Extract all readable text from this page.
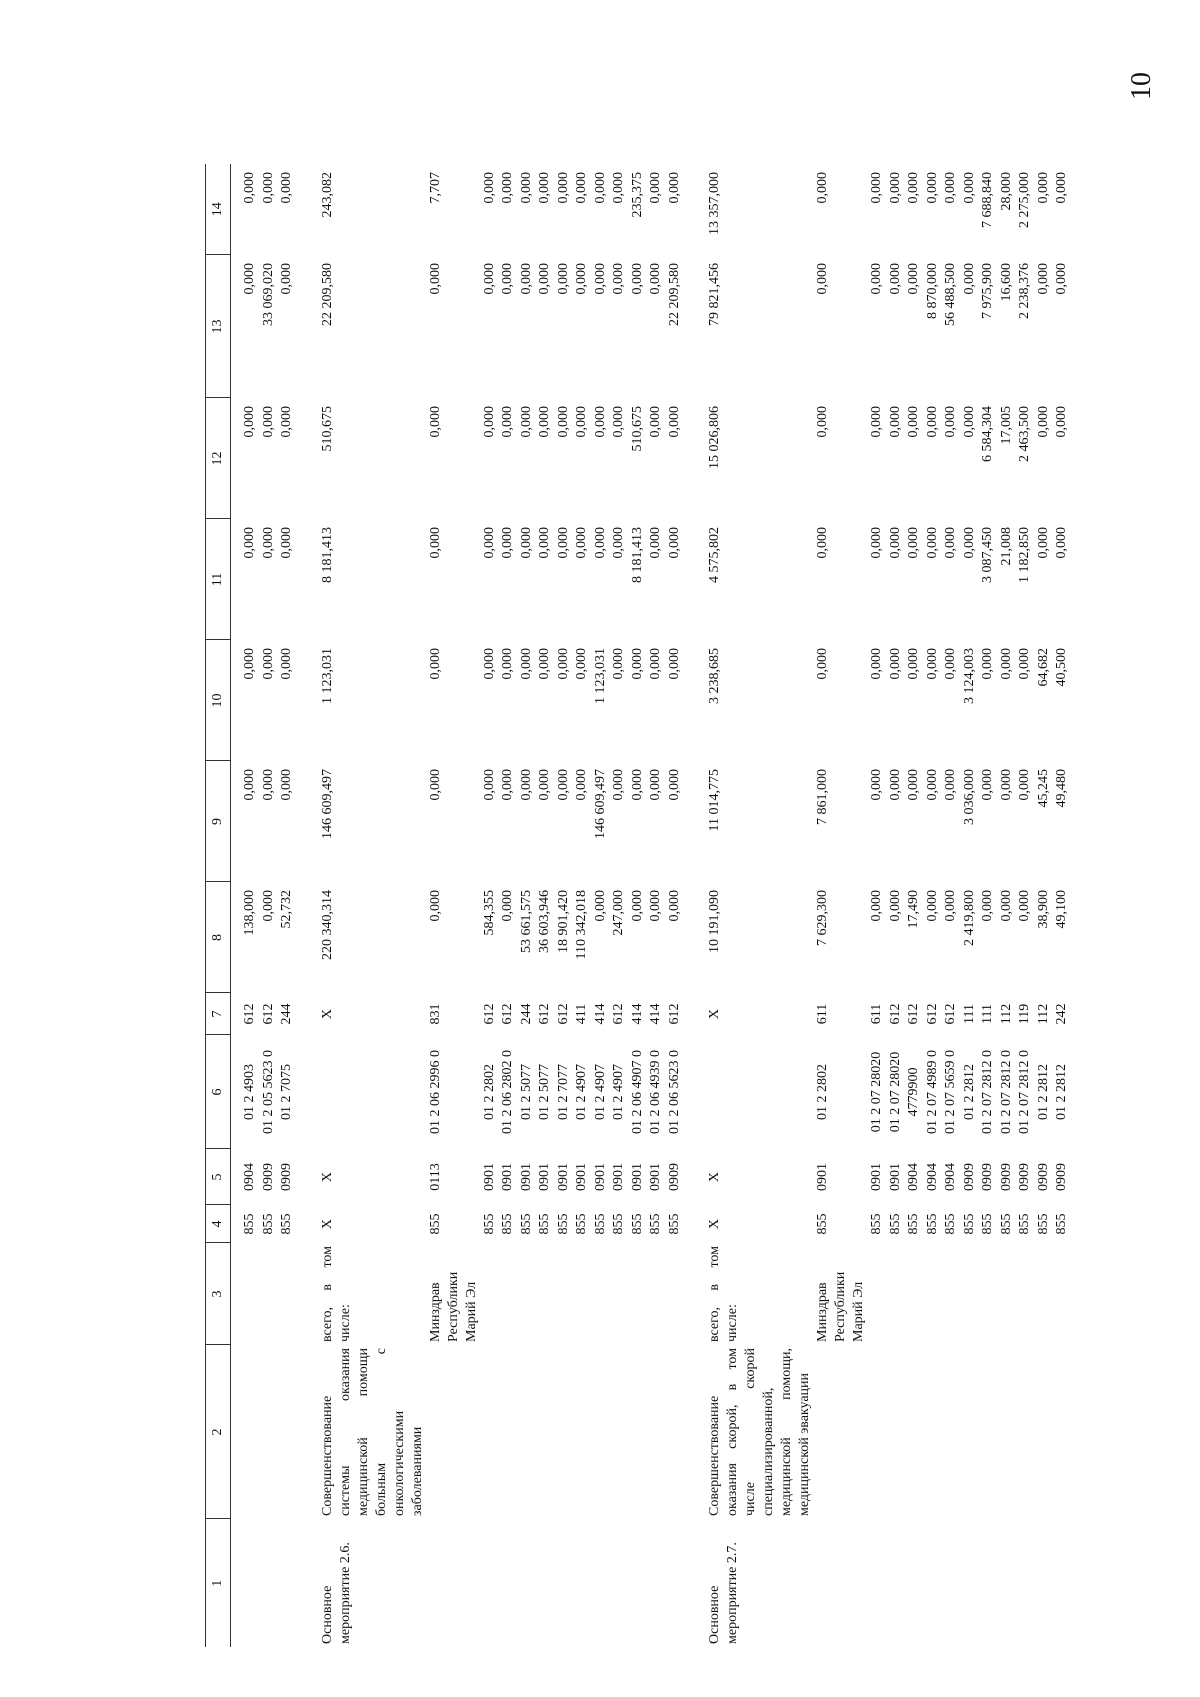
10
1	2	3	4	5	6	7	8	9	10	11	12	13	14
			855	0904	01 2 4903	612	138,000	0,000	0,000	0,000	0,000	0,000	0,000
			855	0909	01 2 05 5623 0	612	0,000	0,000	0,000	0,000	0,000	33 069,020	0,000
			855	0909	01 2 7075	244	52,732	0,000	0,000	0,000	0,000	0,000	0,000
Основное мероприятие 2.6.	Совершенствование системы оказания медицинской помощи больным с онкологическими заболеваниями	всего, в том числе:	X	X		X	220 340,314	146 609,497	1 123,031	8 181,413	510,675	22 209,580	243,082
		Минздрав Республики Марий Эл	855	0113	01 2 06 2996 0	831	0,000	0,000	0,000	0,000	0,000	0,000	7,707
			855	0901	01 2 2802	612	584,355	0,000	0,000	0,000	0,000	0,000	0,000
			855	0901	01 2 06 2802 0	612	0,000	0,000	0,000	0,000	0,000	0,000	0,000
			855	0901	01 2 5077	244	53 661,575	0,000	0,000	0,000	0,000	0,000	0,000
			855	0901	01 2 5077	612	36 603,946	0,000	0,000	0,000	0,000	0,000	0,000
			855	0901	01 2 7077	612	18 901,420	0,000	0,000	0,000	0,000	0,000	0,000
			855	0901	01 2 4907	411	110 342,018	0,000	0,000	0,000	0,000	0,000	0,000
			855	0901	01 2 4907	414	0,000	146 609,497	1 123,031	0,000	0,000	0,000	0,000
			855	0901	01 2 4907	612	247,000	0,000	0,000	0,000	0,000	0,000	0,000
			855	0901	01 2 06 4907 0	414	0,000	0,000	0,000	8 181,413	510,675	0,000	235,375
			855	0901	01 2 06 4939 0	414	0,000	0,000	0,000	0,000	0,000	0,000	0,000
			855	0909	01 2 06 5623 0	612	0,000	0,000	0,000	0,000	0,000	22 209,580	0,000
Основное мероприятие 2.7.	Совершенствование оказания скорой, в том числе скорой специализированной, медицинской помощи, медицинской эвакуации	всего, в том числе:	X	X		X	10 191,090	11 014,775	3 238,685	4 575,802	15 026,806	79 821,456	13 357,000
		Минздрав Республики Марий Эл	855	0901	01 2 2802	611	7 629,300	7 861,000	0,000	0,000	0,000	0,000	0,000
			855	0901	01 2 07 28020	611	0,000	0,000	0,000	0,000	0,000	0,000	0,000
			855	0901	01 2 07 28020	612	0,000	0,000	0,000	0,000	0,000	0,000	0,000
			855	0904	4779900	612	17,490	0,000	0,000	0,000	0,000	0,000	0,000
			855	0904	01 2 07 4989 0	612	0,000	0,000	0,000	0,000	0,000	8 870,000	0,000
			855	0904	01 2 07 5659 0	612	0,000	0,000	0,000	0,000	0,000	56 488,500	0,000
			855	0909	01 2 2812	111	2 419,800	3 036,000	3 124,003	0,000	0,000	0,000	0,000
			855	0909	01 2 07 2812 0	111	0,000	0,000	0,000	3 087,450	6 584,304	7 975,900	7 688,840
			855	0909	01 2 07 2812 0	112	0,000	0,000	0,000	21,008	17,005	16,600	28,000
			855	0909	01 2 07 2812 0	119	0,000	0,000	0,000	1 182,850	2 463,500	2 238,376	2 275,000
			855	0909	01 2 2812	112	38,900	45,245	64,682	0,000	0,000	0,000	0,000
			855	0909	01 2 2812	242	49,100	49,480	40,500	0,000	0,000	0,000	0,000
